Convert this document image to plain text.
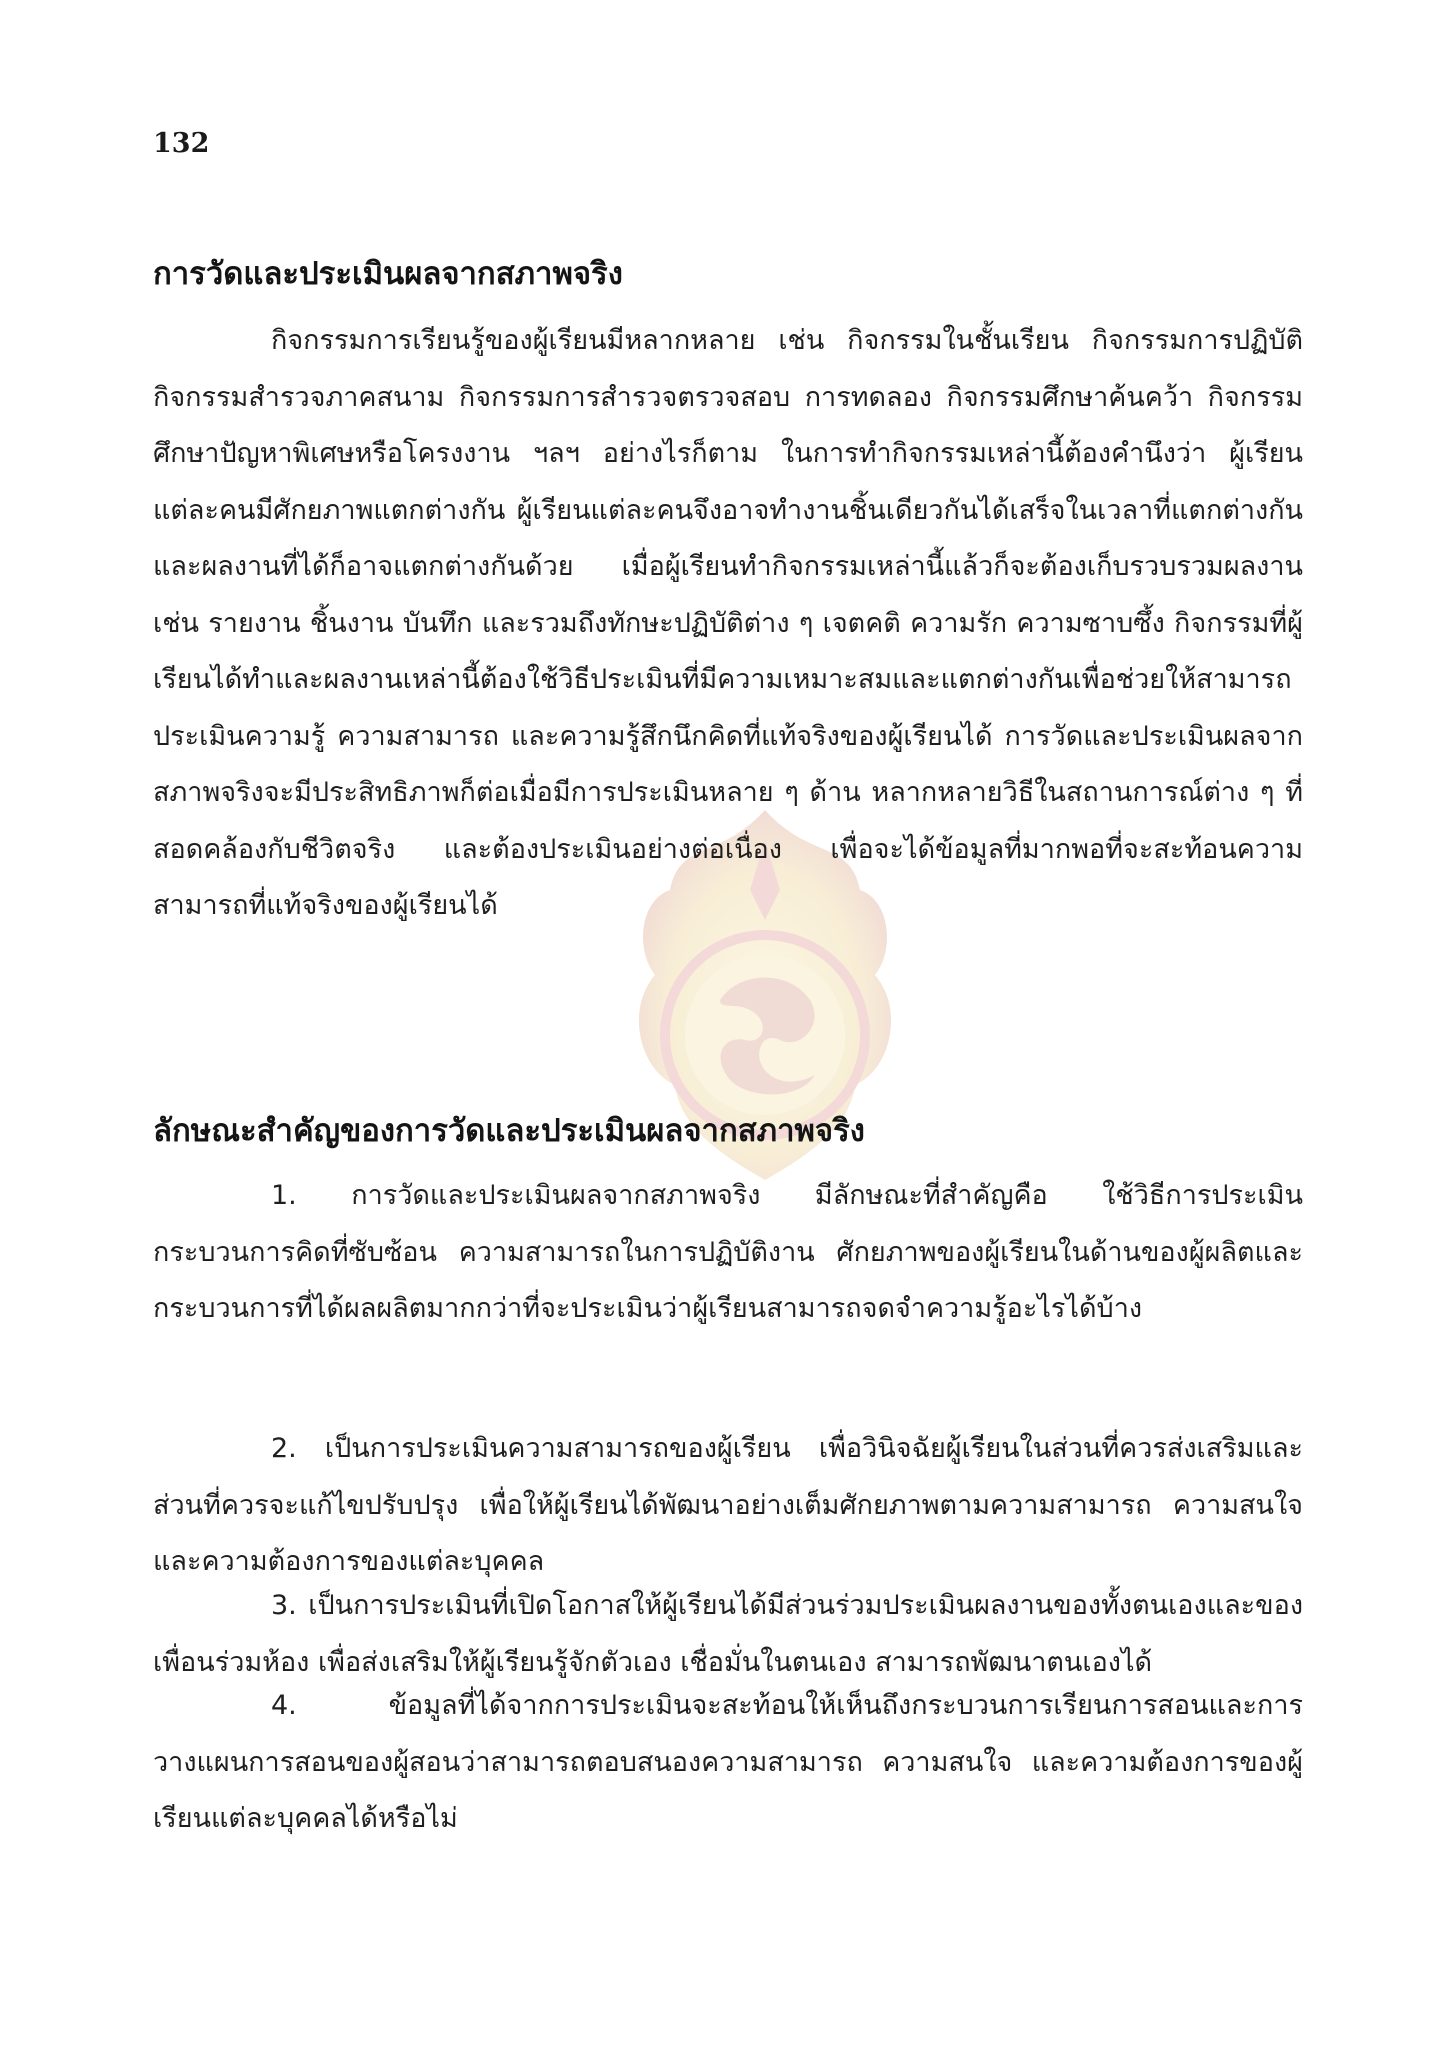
132
การวัดและประเมินผลจากสภาพจริง

กิจกรรมการเรียนรู้ของผู้เรียนมีหลากหลาย เช่น กิจกรรมในชั้นเรียน กิจกรรมการปฏิบัติ กิจกรรมสำรวจภาคสนาม กิจกรรมการสำรวจตรวจสอบ การทดลอง กิจกรรมศึกษาค้นคว้า กิจกรรมศึกษาปัญหาพิเศษหรือโครงงาน ฯลฯ อย่างไรก็ตาม ในการทำกิจกรรมเหล่านี้ต้องคำนึงว่า ผู้เรียนแต่ละคนมีศักยภาพแตกต่างกัน ผู้เรียนแต่ละคนจึงอาจทำงานชิ้นเดียวกันได้เสร็จในเวลาที่แตกต่างกัน และผลงานที่ได้ก็อาจแตกต่างกันด้วย เมื่อผู้เรียนทำกิจกรรมเหล่านี้แล้วก็จะต้องเก็บรวบรวมผลงาน เช่น รายงาน ชิ้นงาน บันทึก และรวมถึงทักษะปฏิบัติต่าง ๆ เจตคติ ความรัก ความซาบซึ้ง กิจกรรมที่ผู้เรียนได้ทำและผลงานเหล่านี้ต้องใช้วิธีประเมินที่มีความเหมาะสมและแตกต่างกันเพื่อช่วยให้สามารถประเมินความรู้ ความสามารถ และความรู้สึกนึกคิดที่แท้จริงของผู้เรียนได้ การวัดและประเมินผลจากสภาพจริงจะมีประสิทธิภาพก็ต่อเมื่อมีการประเมินหลาย ๆ ด้าน หลากหลายวิธีในสถานการณ์ต่าง ๆ ที่สอดคล้องกับชีวิตจริง และต้องประเมินอย่างต่อเนื่อง เพื่อจะได้ข้อมูลที่มากพอที่จะสะท้อนความสามารถที่แท้จริงของผู้เรียนได้

ลักษณะสำคัญของการวัดและประเมินผลจากสภาพจริง

1. การวัดและประเมินผลจากสภาพจริง มีลักษณะที่สำคัญคือ ใช้วิธีการประเมินกระบวนการคิดที่ซับซ้อน ความสามารถในการปฏิบัติงาน ศักยภาพของผู้เรียนในด้านของผู้ผลิตและกระบวนการที่ได้ผลผลิตมากกว่าที่จะประเมินว่าผู้เรียนสามารถจดจำความรู้อะไรได้บ้าง

2. เป็นการประเมินความสามารถของผู้เรียน เพื่อวินิจฉัยผู้เรียนในส่วนที่ควรส่งเสริมและส่วนที่ควรจะแก้ไขปรับปรุง เพื่อให้ผู้เรียนได้พัฒนาอย่างเต็มศักยภาพตามความสามารถ ความสนใจ และความต้องการของแต่ละบุคคล

3. เป็นการประเมินที่เปิดโอกาสให้ผู้เรียนได้มีส่วนร่วมประเมินผลงานของทั้งตนเองและของเพื่อนร่วมห้อง เพื่อส่งเสริมให้ผู้เรียนรู้จักตัวเอง เชื่อมั่นในตนเอง สามารถพัฒนาตนเองได้

4. ข้อมูลที่ได้จากการประเมินจะสะท้อนให้เห็นถึงกระบวนการเรียนการสอนและการวางแผนการสอนของผู้สอนว่าสามารถตอบสนองความสามารถ ความสนใจ และความต้องการของผู้เรียนแต่ละบุคคลได้หรือไม่
